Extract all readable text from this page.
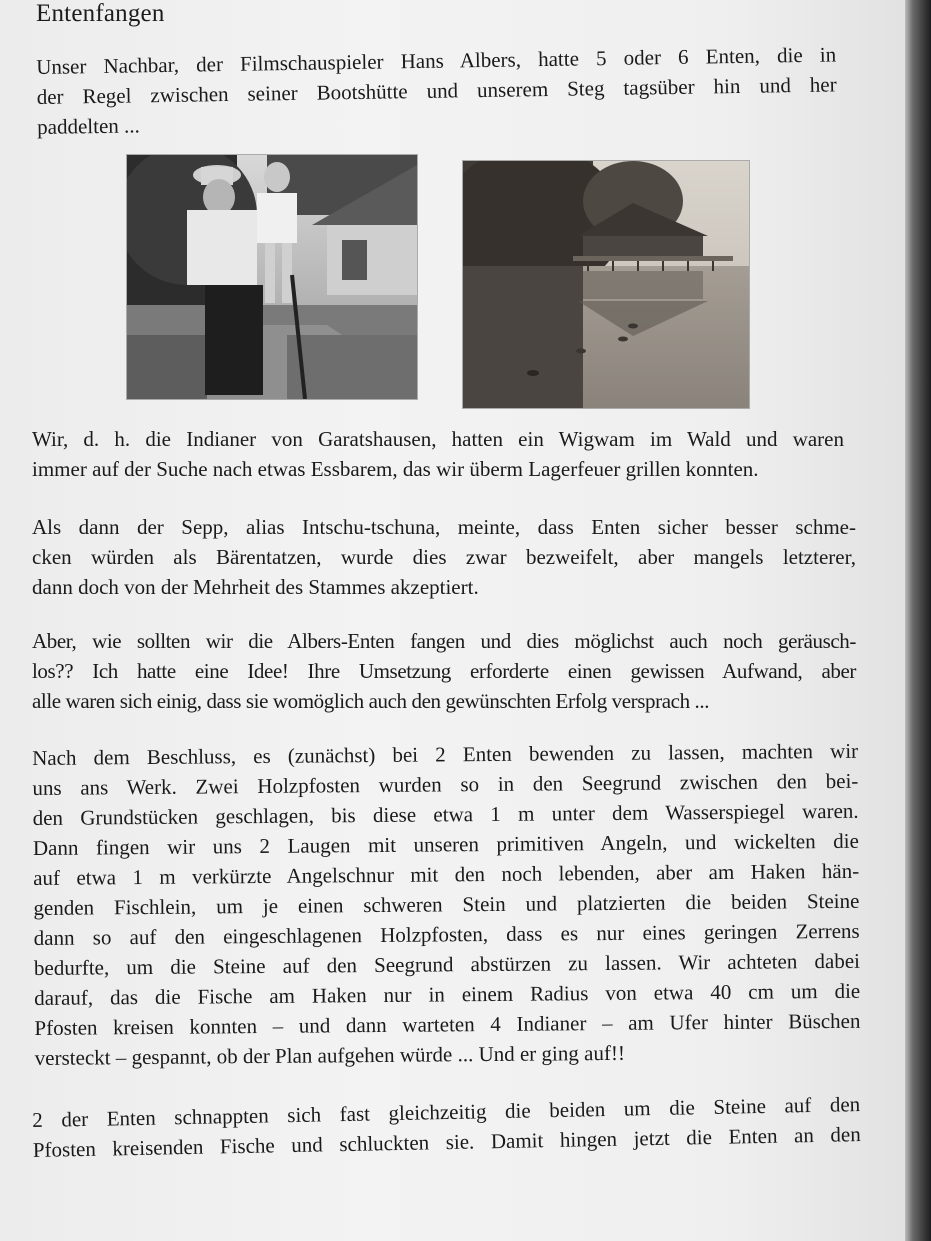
Entenfangen
Unser Nachbar, der Filmschauspieler Hans Albers, hatte 5 oder 6 Enten, die in
der Regel zwischen seiner Bootshütte und unserem Steg tagsüber hin und her
paddelten ...
Wir, d. h. die Indianer von Garatshausen, hatten ein Wigwam im Wald und waren
immer auf der Suche nach etwas Essbarem, das wir überm Lagerfeuer grillen konnten.
Als dann der Sepp, alias Intschu-tschuna, meinte, dass Enten sicher besser schme-
cken würden als Bärentatzen, wurde dies zwar bezweifelt, aber mangels letzterer,
dann doch von der Mehrheit des Stammes akzeptiert.
Aber, wie sollten wir die Albers-Enten fangen und dies möglichst auch noch geräusch-
los?? Ich hatte eine Idee! Ihre Umsetzung erforderte einen gewissen Aufwand, aber
alle waren sich einig, dass sie womöglich auch den gewünschten Erfolg versprach ...
Nach dem Beschluss, es (zunächst) bei 2 Enten bewenden zu lassen, machten wir
uns ans Werk. Zwei Holzpfosten wurden so in den Seegrund zwischen den bei-
den Grundstücken geschlagen, bis diese etwa 1 m unter dem Wasserspiegel waren.
Dann fingen wir uns 2 Laugen mit unseren primitiven Angeln, und wickelten die
auf etwa 1 m verkürzte Angelschnur mit den noch lebenden, aber am Haken hän-
genden Fischlein, um je einen schweren Stein und platzierten die beiden Steine
dann so auf den eingeschlagenen Holzpfosten, dass es nur eines geringen Zerrens
bedurfte, um die Steine auf den Seegrund abstürzen zu lassen. Wir achteten dabei
darauf, das die Fische am Haken nur in einem Radius von etwa 40 cm um die
Pfosten kreisen konnten – und dann warteten 4 Indianer – am Ufer hinter Büschen
versteckt – gespannt, ob der Plan aufgehen würde ... Und er ging auf!!
2 der Enten schnappten sich fast gleichzeitig die beiden um die Steine auf den
Pfosten kreisenden Fische und schluckten sie. Damit hingen jetzt die Enten an den
